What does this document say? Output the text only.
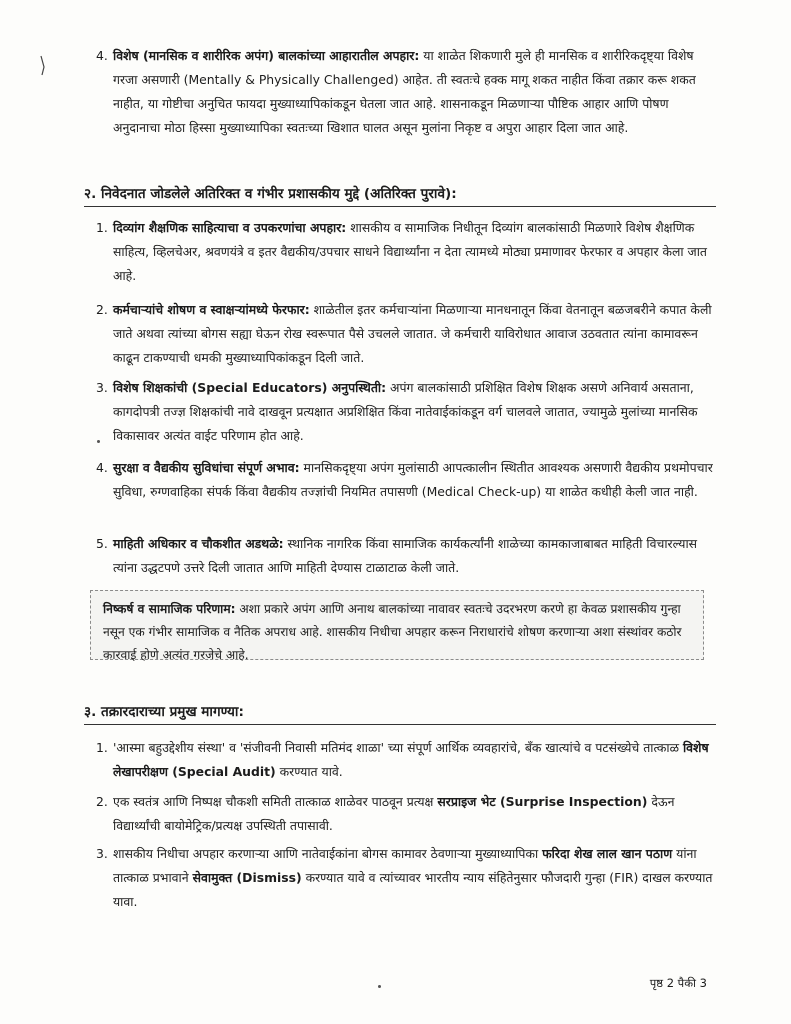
4. विशेष (मानसिक व शारीरिक अपंग) बालकांच्या आहारातील अपहार: या शाळेत शिकणारी मुले ही मानसिक व शारीरिकदृष्ट्या विशेष गरजा असणारी (Mentally & Physically Challenged) आहेत. ती स्वतःचे हक्क मागू शकत नाहीत किंवा तक्रार करू शकत नाहीत, या गोष्टीचा अनुचित फायदा मुख्याध्यापिकांकडून घेतला जात आहे. शासनाकडून मिळणाऱ्या पौष्टिक आहार आणि पोषण अनुदानाचा मोठा हिस्सा मुख्याध्यापिका स्वतःच्या खिशात घालत असून मुलांना निकृष्ट व अपुरा आहार दिला जात आहे.
२. निवेदनात जोडलेले अतिरिक्त व गंभीर प्रशासकीय मुद्दे (अतिरिक्त पुरावे):
1. दिव्यांग शैक्षणिक साहित्याचा व उपकरणांचा अपहार: शासकीय व सामाजिक निधीतून दिव्यांग बालकांसाठी मिळणारे विशेष शैक्षणिक साहित्य, व्हिलचेअर, श्रवणयंत्रे व इतर वैद्यकीय/उपचार साधने विद्यार्थ्यांना न देता त्यामध्ये मोठ्या प्रमाणावर फेरफार व अपहार केला जात आहे.
2. कर्मचाऱ्यांचे शोषण व स्वाक्षऱ्यांमध्ये फेरफार: शाळेतील इतर कर्मचाऱ्यांना मिळणाऱ्या मानधनातून किंवा वेतनातून बळजबरीने कपात केली जाते अथवा त्यांच्या बोगस सह्या घेऊन रोख स्वरूपात पैसे उचलले जातात. जे कर्मचारी याविरोधात आवाज उठवतात त्यांना कामावरून काढून टाकण्याची धमकी मुख्याध्यापिकांकडून दिली जाते.
3. विशेष शिक्षकांची (Special Educators) अनुपस्थिती: अपंग बालकांसाठी प्रशिक्षित विशेष शिक्षक असणे अनिवार्य असताना, कागदोपत्री तज्ज्ञ शिक्षकांची नावे दाखवून प्रत्यक्षात अप्रशिक्षित किंवा नातेवाईकांकडून वर्ग चालवले जातात, ज्यामुळे मुलांच्या मानसिक विकासावर अत्यंत वाईट परिणाम होत आहे.
4. सुरक्षा व वैद्यकीय सुविधांचा संपूर्ण अभाव: मानसिकदृष्ट्या अपंग मुलांसाठी आपत्कालीन स्थितीत आवश्यक असणारी वैद्यकीय प्रथमोपचार सुविधा, रुग्णवाहिका संपर्क किंवा वैद्यकीय तज्ज्ञांची नियमित तपासणी (Medical Check-up) या शाळेत कधीही केली जात नाही.
5. माहिती अधिकार व चौकशीत अडथळे: स्थानिक नागरिक किंवा सामाजिक कार्यकर्त्यांनी शाळेच्या कामकाजाबाबत माहिती विचारल्यास त्यांना उद्धटपणे उत्तरे दिली जातात आणि माहिती देण्यास टाळाटाळ केली जाते.
निष्कर्ष व सामाजिक परिणाम: अशा प्रकारे अपंग आणि अनाथ बालकांच्या नावावर स्वतःचे उदरभरण करणे हा केवळ प्रशासकीय गुन्हा नसून एक गंभीर सामाजिक व नैतिक अपराध आहे. शासकीय निधीचा अपहार करून निराधारांचे शोषण करणाऱ्या अशा संस्थांवर कठोर कारवाई होणे अत्यंत गरजेचे आहे.
३. तक्रारदाराच्या प्रमुख मागण्या:
1. 'आस्मा बहुउद्देशीय संस्था' व 'संजीवनी निवासी मतिमंद शाळा' च्या संपूर्ण आर्थिक व्यवहारांचे, बँक खात्यांचे व पटसंख्येचे तात्काळ विशेष लेखापरीक्षण (Special Audit) करण्यात यावे.
2. एक स्वतंत्र आणि निष्पक्ष चौकशी समिती तात्काळ शाळेवर पाठवून प्रत्यक्ष सरप्राइज भेट (Surprise Inspection) देऊन विद्यार्थ्यांची बायोमेट्रिक/प्रत्यक्ष उपस्थिती तपासावी.
3. शासकीय निधीचा अपहार करणाऱ्या आणि नातेवाईकांना बोगस कामावर ठेवणाऱ्या मुख्याध्यापिका फरिदा शेख लाल खान पठाण यांना तात्काळ प्रभावाने सेवामुक्त (Dismiss) करण्यात यावे व त्यांच्यावर भारतीय न्याय संहितेनुसार फौजदारी गुन्हा (FIR) दाखल करण्यात यावा.
पृष्ठ 2 पैकी 3
